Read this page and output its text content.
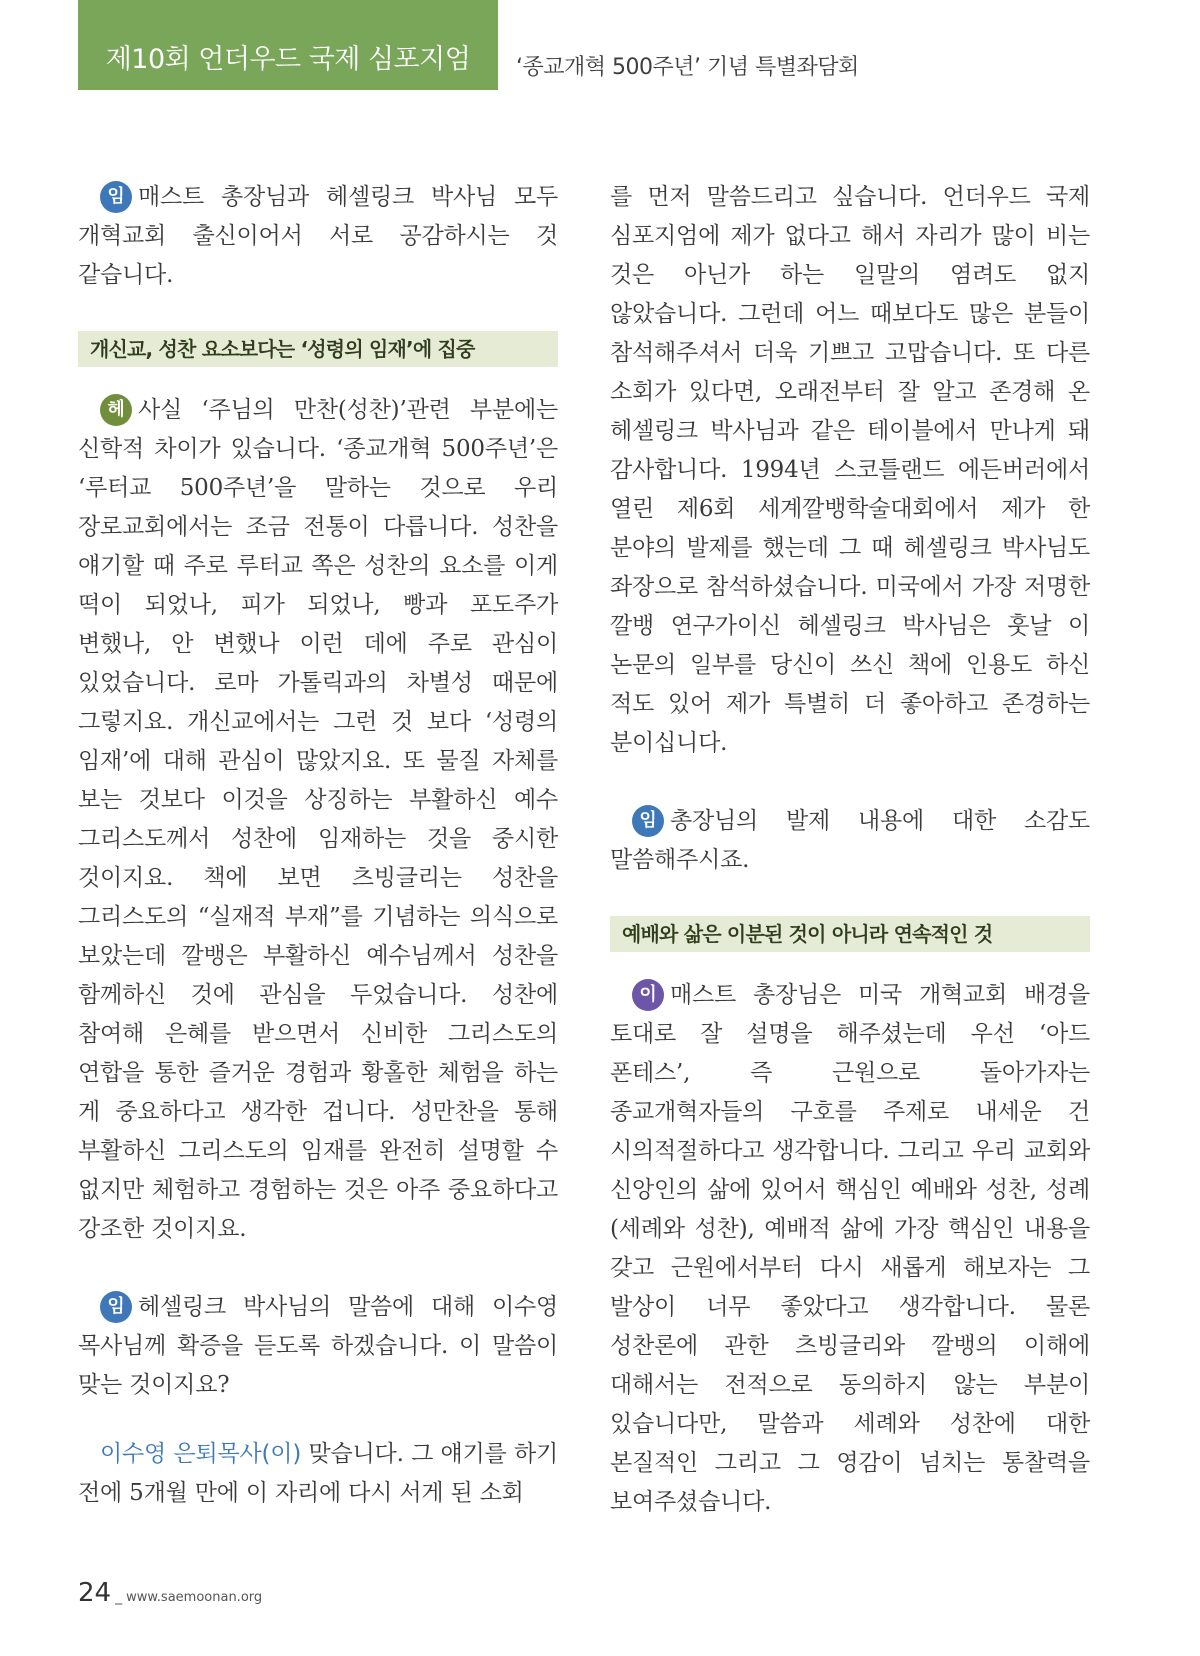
제10회 언더우드 국제 심포지엄 ‘종교개혁 500주년’ 기념 특별좌담회

임 매스트 총장님과 헤셀링크 박사님 모두 개혁교회 출신이어서 서로 공감하시는 것 같습니다.

개신교, 성찬 요소보다는 ‘성령의 임재’에 집중

헤 사실 ‘주님의 만찬(성찬)’관련 부분에는 신학적 차이가 있습니다. ‘종교개혁 500주년’은 ‘루터교 500주년’을 말하는 것으로 우리 장로교회에서는 조금 전통이 다릅니다. 성찬을 얘기할 때 주로 루터교 쪽은 성찬의 요소를 이게 떡이 되었나, 피가 되었나, 빵과 포도주가 변했나, 안 변했나 이런 데에 주로 관심이 있었습니다. 로마 가톨릭과의 차별성 때문에 그렇지요. 개신교에서는 그런 것 보다 ‘성령의 임재’에 대해 관심이 많았지요. 또 물질 자체를 보는 것보다 이것을 상징하는 부활하신 예수 그리스도께서 성찬에 임재하는 것을 중시한 것이지요. 책에 보면 츠빙글리는 성찬을 그리스도의 “실재적 부재”를 기념하는 의식으로 보았는데 깔뱅은 부활하신 예수님께서 성찬을 함께하신 것에 관심을 두었습니다. 성찬에 참여해 은혜를 받으면서 신비한 그리스도의 연합을 통한 즐거운 경험과 황홀한 체험을 하는 게 중요하다고 생각한 겁니다. 성만찬을 통해 부활하신 그리스도의 임재를 완전히 설명할 수 없지만 체험하고 경험하는 것은 아주 중요하다고 강조한 것이지요.

임 헤셀링크 박사님의 말씀에 대해 이수영 목사님께 확증을 듣도록 하겠습니다. 이 말씀이 맞는 것이지요?

이수영 은퇴목사(이) 맞습니다. 그 얘기를 하기 전에 5개월 만에 이 자리에 다시 서게 된 소회

를 먼저 말씀드리고 싶습니다. 언더우드 국제 심포지엄에 제가 없다고 해서 자리가 많이 비는 것은 아닌가 하는 일말의 염려도 없지 않았습니다. 그런데 어느 때보다도 많은 분들이 참석해주셔서 더욱 기쁘고 고맙습니다. 또 다른 소회가 있다면, 오래전부터 잘 알고 존경해 온 헤셀링크 박사님과 같은 테이블에서 만나게 돼 감사합니다. 1994년 스코틀랜드 에든버러에서 열린 제6회 세계깔뱅학술대회에서 제가 한 분야의 발제를 했는데 그 때 헤셀링크 박사님도 좌장으로 참석하셨습니다. 미국에서 가장 저명한 깔뱅 연구가이신 헤셀링크 박사님은 훗날 이 논문의 일부를 당신이 쓰신 책에 인용도 하신 적도 있어 제가 특별히 더 좋아하고 존경하는 분이십니다.

임 총장님의 발제 내용에 대한 소감도 말씀해주시죠.

예배와 삶은 이분된 것이 아니라 연속적인 것

이 매스트 총장님은 미국 개혁교회 배경을 토대로 잘 설명을 해주셨는데 우선 ‘아드 폰테스’, 즉 근원으로 돌아가자는 종교개혁자들의 구호를 주제로 내세운 건 시의적절하다고 생각합니다. 그리고 우리 교회와 신앙인의 삶에 있어서 핵심인 예배와 성찬, 성례(세례와 성찬), 예배적 삶에 가장 핵심인 내용을 갖고 근원에서부터 다시 새롭게 해보자는 그 발상이 너무 좋았다고 생각합니다. 물론 성찬론에 관한 츠빙글리와 깔뱅의 이해에 대해서는 전적으로 동의하지 않는 부분이 있습니다만, 말씀과 세례와 성찬에 대한 본질적인 그리고 그 영감이 넘치는 통찰력을 보여주셨습니다.

24 _ www.saemoonan.org
